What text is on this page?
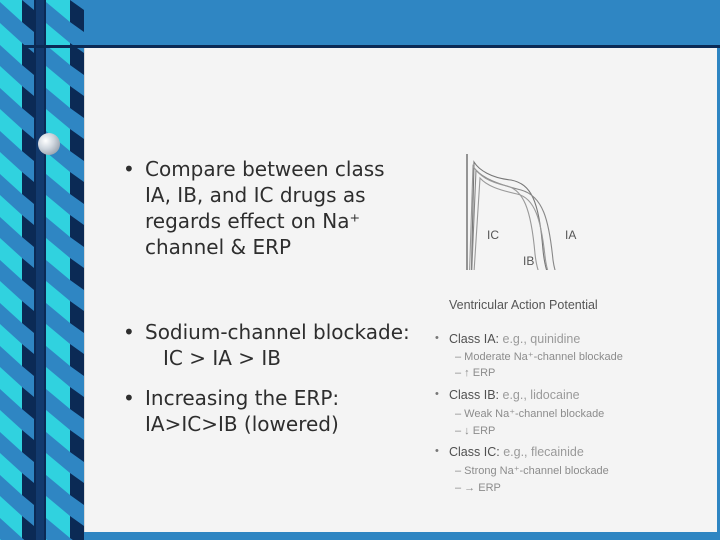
• Compare between class
IA, IB, and IC drugs as
regards effect on Na⁺
channel & ERP
• Sodium-channel blockade:
IC > IA > IB
• Increasing the ERP:
IA>IC>IB (lowered)
IC	IA
IB
Ventricular Action Potential
• Class IA: e.g., quinidine
– Moderate Na⁺-channel blockade
– ↑ ERP
• Class IB: e.g., lidocaine
– Weak Na⁺-channel blockade
– ↓ ERP
• Class IC: e.g., flecainide
– Strong Na⁺-channel blockade
– → ERP
